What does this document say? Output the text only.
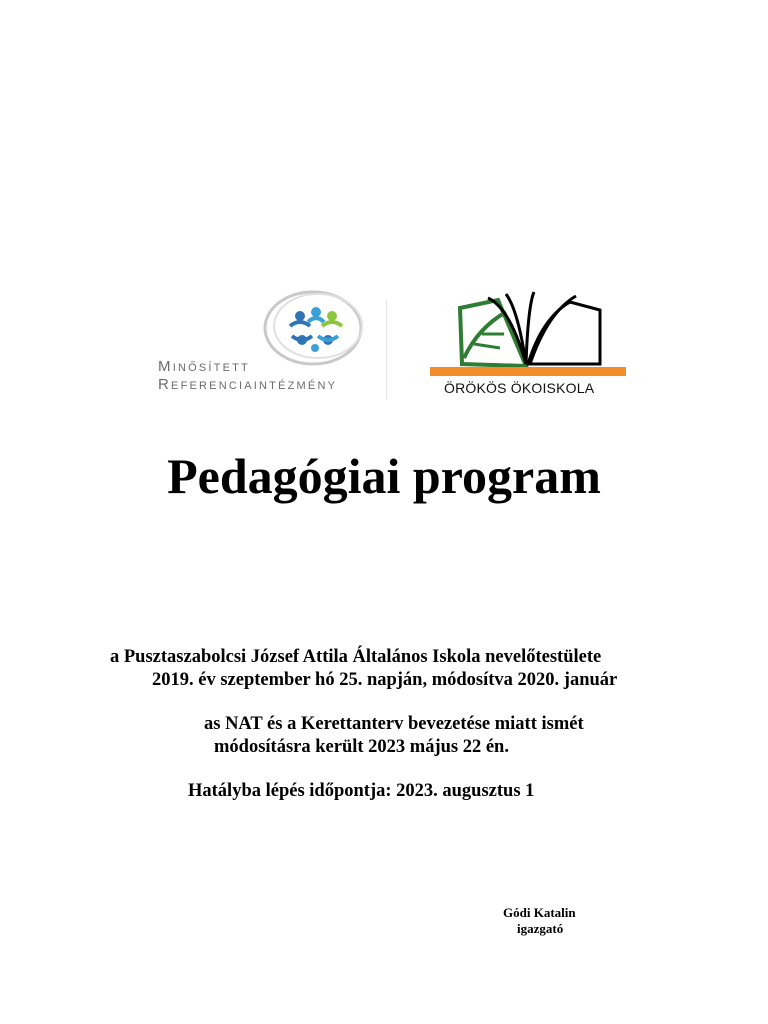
Minősített
Referenciaintézmény	ÖRÖKÖS ÖKOISKOLA
Pedagógiai program

a Pusztaszabolcsi József Attila Általános Iskola nevelőtestülete

2019. év szeptember hó 25. napján, módosítva 2020. január

as NAT és a Kerettanterv bevezetése miatt ismét

módosításra került 2023 május 22 én.

Hatályba lépés időpontja: 2023. augusztus 1

Gódi Katalin

igazgató
